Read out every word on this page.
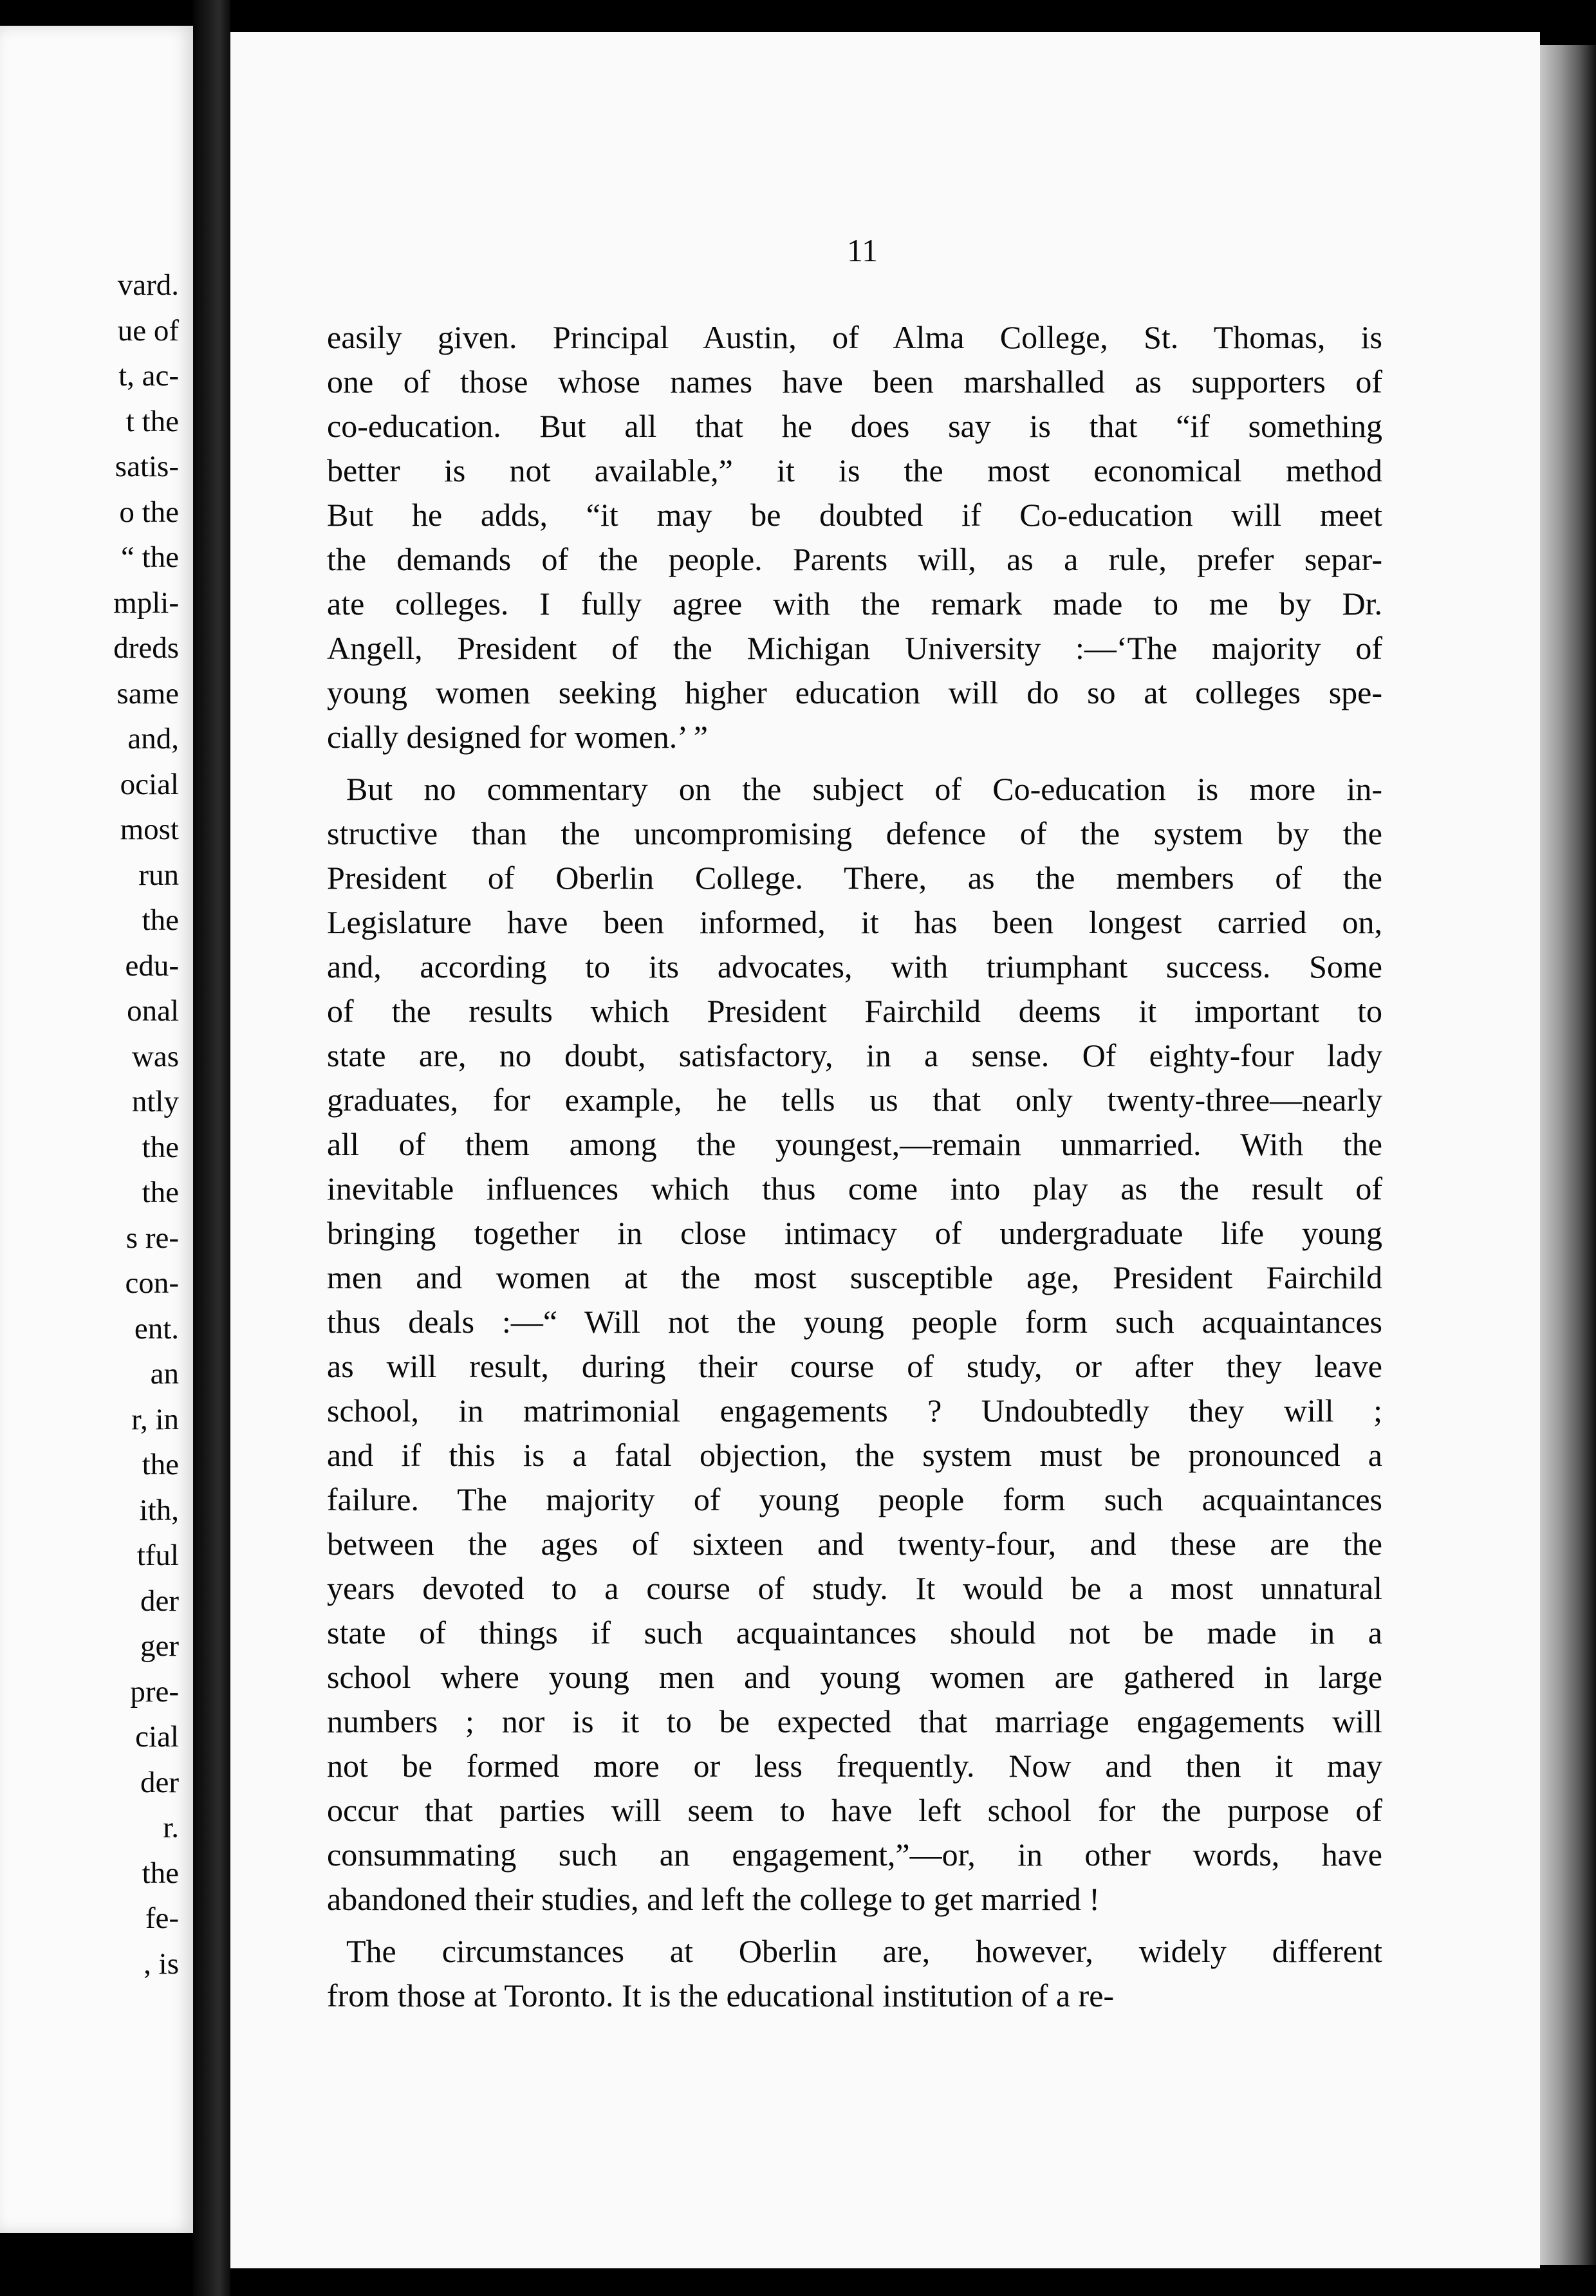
vard.
ue of
t, ac-
t the
satis-
o the
“ the
mpli-
dreds
same
and,
ocial
most
run
the
edu-
onal
was
ntly
the
the
s re-
con-
ent.
an
r, in
the
ith,
tful
der
ger
pre-
cial
der
r.
the
fe-
, is
11
easily given. Principal Austin, of Alma College, St. Thomas, is
one of those whose names have been marshalled as supporters of
co-education. But all that he does say is that “if something
better is not available,” it is the most economical method
But he adds, “it may be doubted if Co-education will meet
the demands of the people. Parents will, as a rule, prefer separ-
ate colleges. I fully agree with the remark made to me by Dr.
Angell, President of the Michigan University :—‘The majority of
young women seeking higher education will do so at colleges spe-
cially designed for women.’ ”
But no commentary on the subject of Co-education is more in-
structive than the uncompromising defence of the system by the
President of Oberlin College. There, as the members of the
Legislature have been informed, it has been longest carried on,
and, according to its advocates, with triumphant success. Some
of the results which President Fairchild deems it important to
state are, no doubt, satisfactory, in a sense. Of eighty-four lady
graduates, for example, he tells us that only twenty-three—nearly
all of them among the youngest,—remain unmarried. With the
inevitable influences which thus come into play as the result of
bringing together in close intimacy of undergraduate life young
men and women at the most susceptible age, President Fairchild
thus deals :—“ Will not the young people form such acquaintances
as will result, during their course of study, or after they leave
school, in matrimonial engagements ? Undoubtedly they will ;
and if this is a fatal objection, the system must be pronounced a
failure. The majority of young people form such acquaintances
between the ages of sixteen and twenty-four, and these are the
years devoted to a course of study. It would be a most unnatural
state of things if such acquaintances should not be made in a
school where young men and young women are gathered in large
numbers ; nor is it to be expected that marriage engagements will
not be formed more or less frequently. Now and then it may
occur that parties will seem to have left school for the purpose of
consummating such an engagement,”—or, in other words, have
abandoned their studies, and left the college to get married !
The circumstances at Oberlin are, however, widely different
from those at Toronto. It is the educational institution of a re-
